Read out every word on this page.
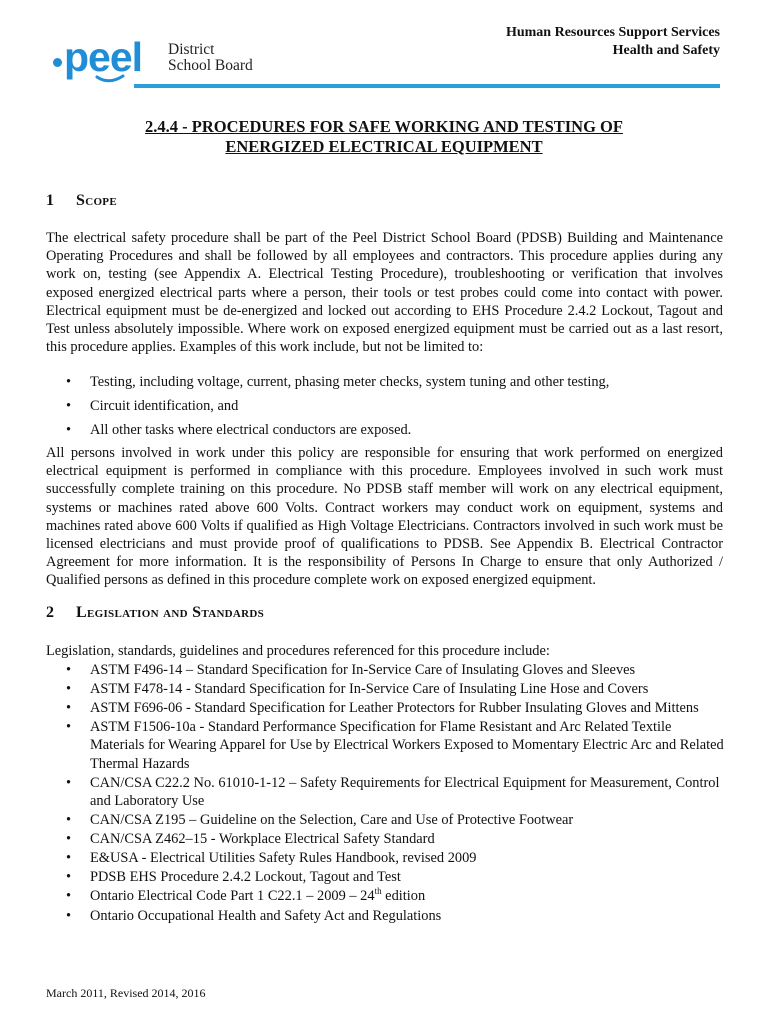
peel District
School Board
Human Resources Support Services
Health and Safety
2.4.4 - PROCEDURES FOR SAFE WORKING AND TESTING OF
ENERGIZED ELECTRICAL EQUIPMENT
1 Scope

The electrical safety procedure shall be part of the Peel District School Board (PDSB) Building and Maintenance Operating Procedures and shall be followed by all employees and contractors. This procedure applies during any work on, testing (see Appendix A. Electrical Testing Procedure), troubleshooting or verification that involves exposed energized electrical parts where a person, their tools or test probes could come into contact with power. Electrical equipment must be de-energized and locked out according to EHS Procedure 2.4.2 Lockout, Tagout and Test unless absolutely impossible. Where work on exposed energized equipment must be carried out as a last resort, this procedure applies. Examples of this work include, but not be limited to:

• Testing, including voltage, current, phasing meter checks, system tuning and other testing,
• Circuit identification, and
• All other tasks where electrical conductors are exposed.

All persons involved in work under this policy are responsible for ensuring that work performed on energized electrical equipment is performed in compliance with this procedure. Employees involved in such work must successfully complete training on this procedure. No PDSB staff member will work on any electrical equipment, systems or machines rated above 600 Volts. Contract workers may conduct work on equipment, systems and machines rated above 600 Volts if qualified as High Voltage Electricians. Contractors involved in such work must be licensed electricians and must provide proof of qualifications to PDSB. See Appendix B. Electrical Contractor Agreement for more information. It is the responsibility of Persons In Charge to ensure that only Authorized / Qualified persons as defined in this procedure complete work on exposed energized equipment.

2 Legislation and Standards

Legislation, standards, guidelines and procedures referenced for this procedure include:

• ASTM F496-14 – Standard Specification for In-Service Care of Insulating Gloves and Sleeves
• ASTM F478-14 - Standard Specification for In-Service Care of Insulating Line Hose and Covers
• ASTM F696-06 - Standard Specification for Leather Protectors for Rubber Insulating Gloves and Mittens
• ASTM F1506-10a - Standard Performance Specification for Flame Resistant and Arc Related Textile Materials for Wearing Apparel for Use by Electrical Workers Exposed to Momentary Electric Arc and Related Thermal Hazards
• CAN/CSA C22.2 No. 61010-1-12 – Safety Requirements for Electrical Equipment for Measurement, Control and Laboratory Use
• CAN/CSA Z195 – Guideline on the Selection, Care and Use of Protective Footwear
• CAN/CSA Z462–15 - Workplace Electrical Safety Standard
• E&USA - Electrical Utilities Safety Rules Handbook, revised 2009
• PDSB EHS Procedure 2.4.2 Lockout, Tagout and Test
• Ontario Electrical Code Part 1 C22.1 – 2009 – 24th edition
• Ontario Occupational Health and Safety Act and Regulations
March 2011, Revised 2014, 2016
